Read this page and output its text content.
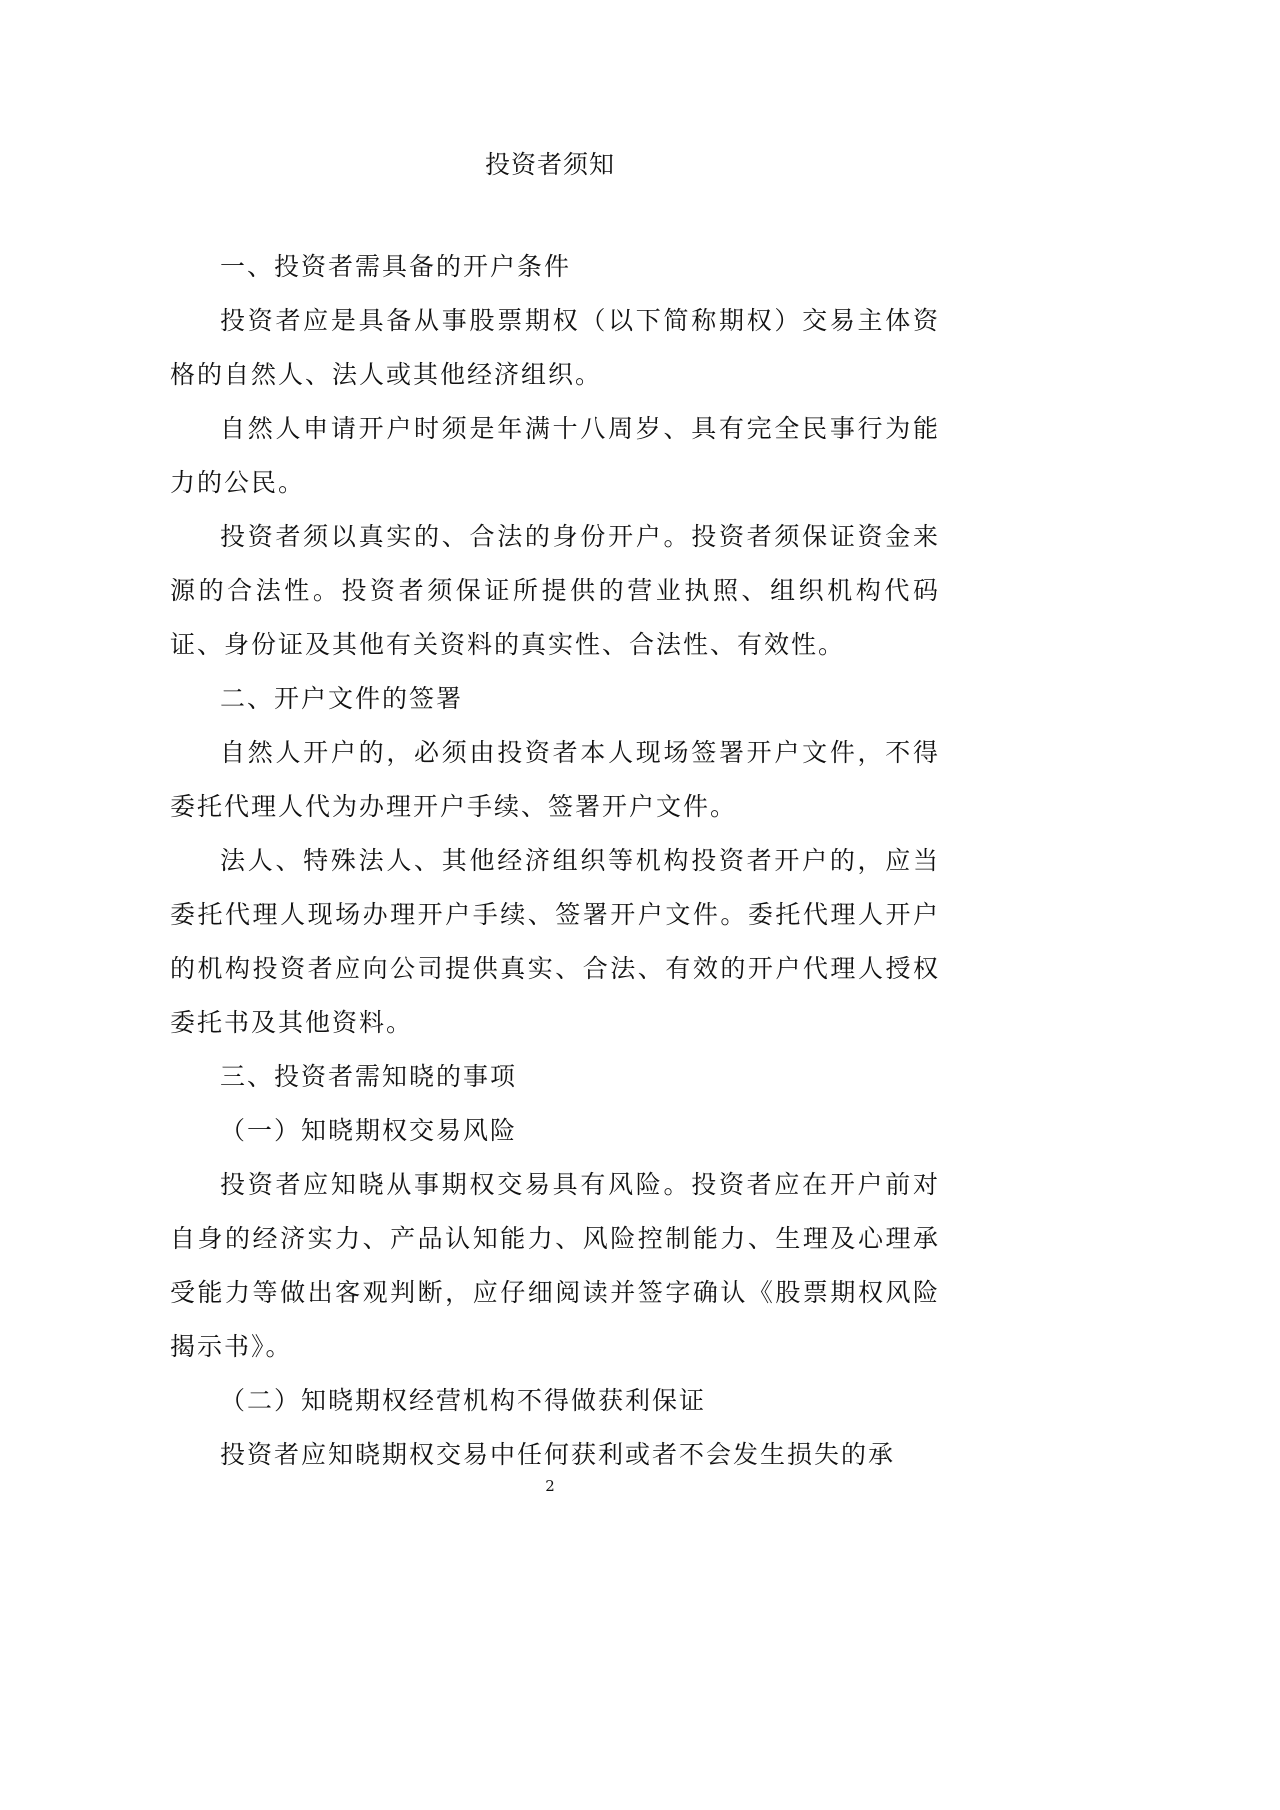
投资者须知

一、投资者需具备的开户条件

投资者应是具备从事股票期权（以下简称期权）交易主体资格的自然人、法人或其他经济组织。

自然人申请开户时须是年满十八周岁、具有完全民事行为能力的公民。

投资者须以真实的、合法的身份开户。投资者须保证资金来源的合法性。投资者须保证所提供的营业执照、组织机构代码证、身份证及其他有关资料的真实性、合法性、有效性。

二、开户文件的签署

自然人开户的，必须由投资者本人现场签署开户文件，不得委托代理人代为办理开户手续、签署开户文件。

法人、特殊法人、其他经济组织等机构投资者开户的，应当委托代理人现场办理开户手续、签署开户文件。委托代理人开户的机构投资者应向公司提供真实、合法、有效的开户代理人授权委托书及其他资料。

三、投资者需知晓的事项

（一）知晓期权交易风险

投资者应知晓从事期权交易具有风险。投资者应在开户前对自身的经济实力、产品认知能力、风险控制能力、生理及心理承受能力等做出客观判断，应仔细阅读并签字确认《股票期权风险揭示书》。

（二）知晓期权经营机构不得做获利保证

投资者应知晓期权交易中任何获利或者不会发生损失的承

2
